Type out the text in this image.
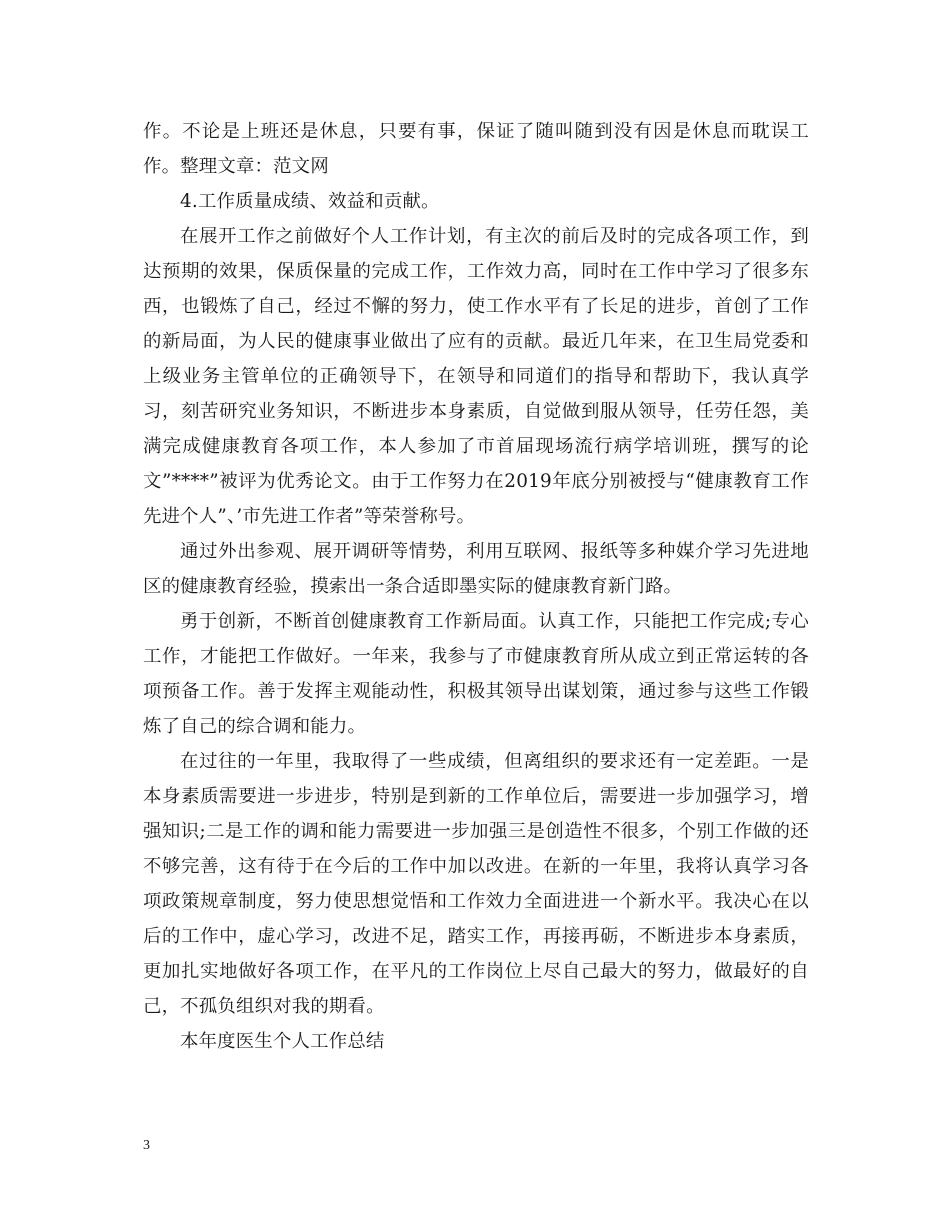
作。不论是上班还是休息，只要有事，保证了随叫随到没有因是休息而耽误工作。整理文章：范文网

4.工作质量成绩、效益和贡献。

在展开工作之前做好个人工作计划，有主次的前后及时的完成各项工作，到达预期的效果，保质保量的完成工作，工作效力高，同时在工作中学习了很多东西，也锻炼了自己，经过不懈的努力，使工作水平有了长足的进步，首创了工作的新局面，为人民的健康事业做出了应有的贡献。最近几年来，在卫生局党委和上级业务主管单位的正确领导下，在领导和同道们的指导和帮助下，我认真学习，刻苦研究业务知识，不断进步本身素质，自觉做到服从领导，任劳任怨，美满完成健康教育各项工作，本人参加了市首届现场流行病学培训班，撰写的论文”****”被评为优秀论文。由于工作努力在2019年底分别被授与“健康教育工作先进个人”、’市先进工作者”等荣誉称号。

通过外出参观、展开调研等情势，利用互联网、报纸等多种媒介学习先进地区的健康教育经验，摸索出一条合适即墨实际的健康教育新门路。

勇于创新，不断首创健康教育工作新局面。认真工作，只能把工作完成;专心工作，才能把工作做好。一年来，我参与了市健康教育所从成立到正常运转的各项预备工作。善于发挥主观能动性，积极其领导出谋划策，通过参与这些工作锻炼了自己的综合调和能力。

在过往的一年里，我取得了一些成绩，但离组织的要求还有一定差距。一是本身素质需要进一步进步，特别是到新的工作单位后，需要进一步加强学习，增强知识;二是工作的调和能力需要进一步加强三是创造性不很多，个别工作做的还不够完善，这有待于在今后的工作中加以改进。在新的一年里，我将认真学习各项政策规章制度，努力使思想觉悟和工作效力全面进进一个新水平。我决心在以后的工作中，虚心学习，改进不足，踏实工作，再接再砺，不断进步本身素质，更加扎实地做好各项工作，在平凡的工作岗位上尽自己最大的努力，做最好的自己，不孤负组织对我的期看。

本年度医生个人工作总结

3
